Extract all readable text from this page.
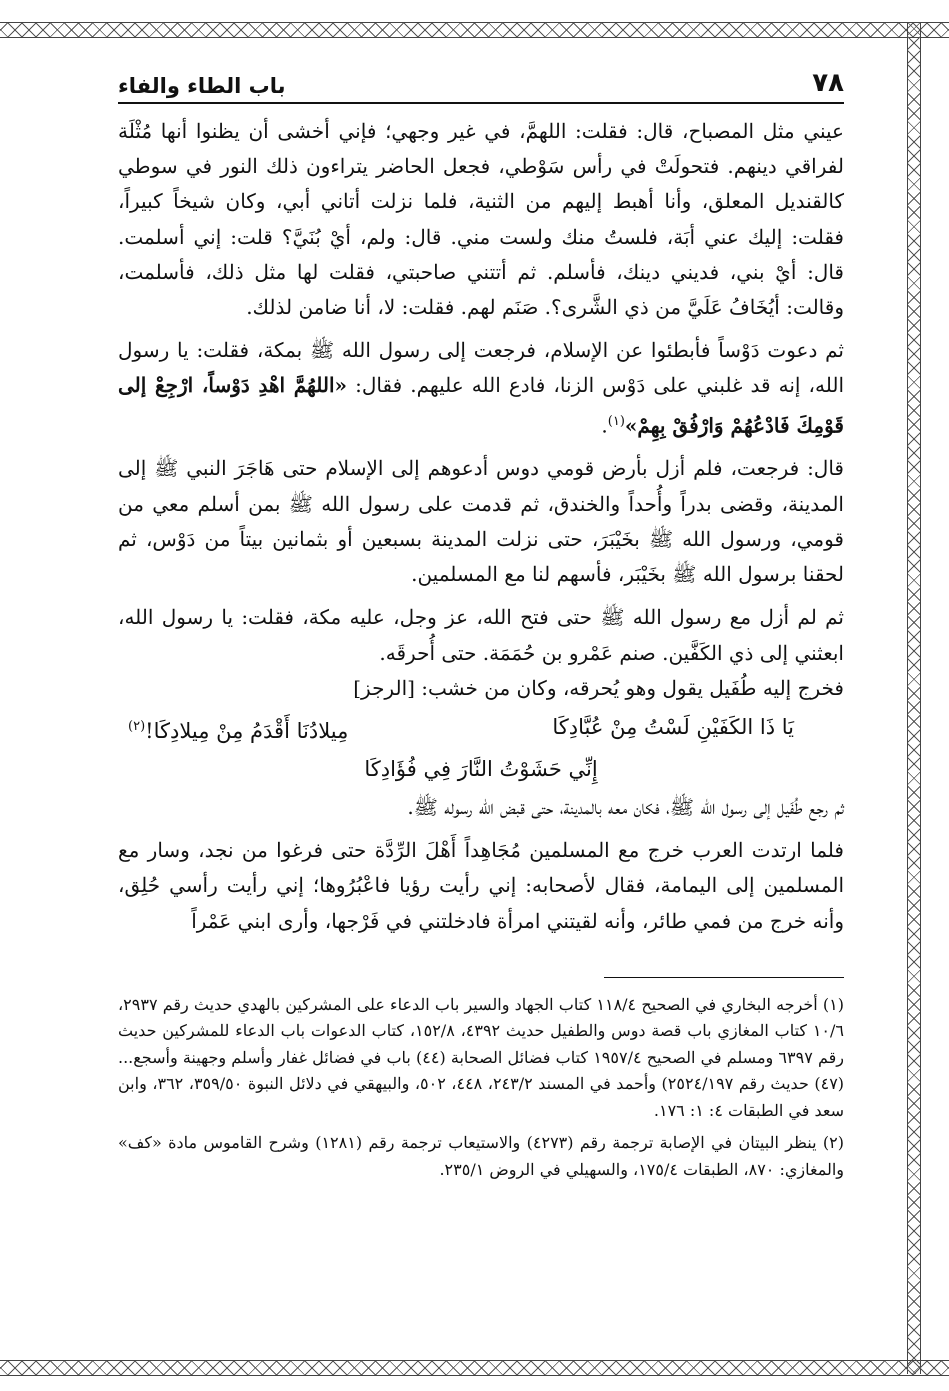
٧٨
باب الطاء والفاء

عيني مثل المصباح، قال: فقلت: اللهمَّ، في غير وجهي؛ فإني أخشى أن يظنوا أنها مُثْلَة لفراقي دينهم. فتحولَتْ في رأس سَوْطي، فجعل الحاضر يتراءون ذلك النور في سوطي كالقنديل المعلق، وأنا أهبط إليهم من الثنية، فلما نزلت أتاني أبي، وكان شيخاً كبيراً، فقلت: إليك عني أبَة، فلستُ منك ولست مني. قال: ولم، أيْ بُنَيَّ؟ قلت: إني أسلمت. قال: أيْ بني، فديني دينك، فأسلم. ثم أتتني صاحبتي، فقلت لها مثل ذلك، فأسلمت، وقالت: أيُخَافُ عَلَيَّ من ذي الشَّرى؟. صَنَم لهم. فقلت: لا، أنا ضامن لذلك.

ثم دعوت دَوْساً فأبطئوا عن الإسلام، فرجعت إلى رسول الله ﷺ بمكة، فقلت: يا رسول الله، إنه قد غلبني على دَوْس الزنا، فادع الله عليهم. فقال: «اللهُمَّ اهْدِ دَوْساً، ارْجِعْ إلى قَوْمِكَ فَادْعُهُمْ وَارْفُقْ بِهِمْ»$^{(١)}$.

قال: فرجعت، فلم أزل بأرض قومي دوس أدعوهم إلى الإسلام حتى هَاجَرَ النبي ﷺ إلى المدينة، وقضى بدراً وأُحداً والخندق، ثم قدمت على رسول الله ﷺ بمن أسلم معي من قومي، ورسول الله ﷺ بخَيْبَرَ، حتى نزلت المدينة بسبعين أو بثمانين بيتاً من دَوْس، ثم لحقنا برسول الله ﷺ بخَيْبَر، فأسهم لنا مع المسلمين.

ثم لم أزل مع رسول الله ﷺ حتى فتح الله، عز وجل، عليه مكة، فقلت: يا رسول الله، ابعثني إلى ذي الكَفَّين. صنم عَمْرو بن حُمَمَة. حتى أُحرقَه.

فخرج إليه طُفَيل يقول وهو يُحرقه، وكان من خشب: [الرجز]

يَا ذَا الكَفَيْنِ لَسْتُ مِنْ عُبَّادِكَا
مِيلادُنَا أَقْدَمُ مِنْ مِيلادِكَا!$^{(٢)}$
إِنِّي حَشَوْتُ النَّارَ فِي فُؤَادِكَا

ثم رجع طُفَيل إلى رسول الله ﷺ، فكان معه بالمدينة، حتى قبض الله رسوله ﷺ.

فلما ارتدت العرب خرج مع المسلمين مُجَاهِداً أَهْلَ الرِّدَّة حتى فرغوا من نجد، وسار مع المسلمين إلى اليمامة، فقال لأصحابه: إني رأيت رؤيا فاعْبُرُوها؛ إني رأيت رأسي حُلِق، وأنه خرج من فمي طائر، وأنه لقيتني امرأة فادخلتني في فَرْجها، وأرى ابني عَمْراً

(١) أخرجه البخاري في الصحيح ١١٨/٤ كتاب الجهاد والسير باب الدعاء على المشركين بالهدي حديث رقم ٢٩٣٧، ١٠/٦ كتاب المغازي باب قصة دوس والطفيل حديث ٤٣٩٢، ١٥٢/٨، كتاب الدعوات باب الدعاء للمشركين حديث رقم ٦٣٩٧ ومسلم في الصحيح ١٩٥٧/٤ كتاب فضائل الصحابة (٤٤) باب في فضائل غفار وأسلم وجهينة وأسجع... (٤٧) حديث رقم ٢٥٢٤/١٩٧) وأحمد في المسند ٢٤٣/٢، ٤٤٨، ٥٠٢، والبيهقي في دلائل النبوة ٣٥٩/٥٠، ٣٦٢، وابن سعد في الطبقات ٤: ١: ١٧٦.

(٢) ينظر البيتان في الإصابة ترجمة رقم (٤٢٧٣) والاستيعاب ترجمة رقم (١٢٨١) وشرح القاموس مادة «كف» والمغازي: ٨٧٠، الطبقات ١٧٥/٤، والسهيلي في الروض ٢٣٥/١.
